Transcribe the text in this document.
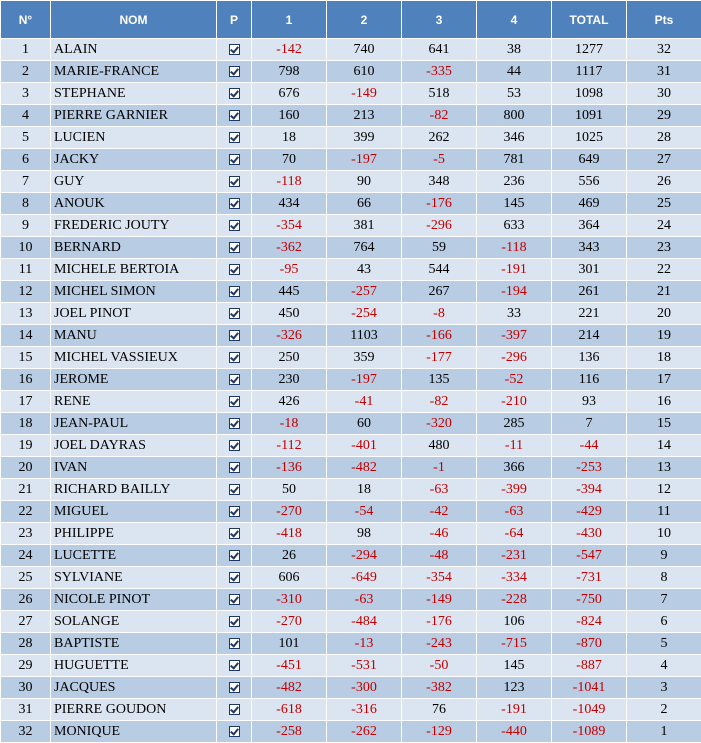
N°	NOM	P	1	2	3	4	TOTAL	Pts
1	ALAIN		-142	740	641	38	1277	32
2	MARIE-FRANCE		798	610	-335	44	1117	31
3	STEPHANE		676	-149	518	53	1098	30
4	PIERRE GARNIER		160	213	-82	800	1091	29
5	LUCIEN		18	399	262	346	1025	28
6	JACKY		70	-197	-5	781	649	27
7	GUY		-118	90	348	236	556	26
8	ANOUK		434	66	-176	145	469	25
9	FREDERIC JOUTY		-354	381	-296	633	364	24
10	BERNARD		-362	764	59	-118	343	23
11	MICHELE BERTOIA		-95	43	544	-191	301	22
12	MICHEL SIMON		445	-257	267	-194	261	21
13	JOEL PINOT		450	-254	-8	33	221	20
14	MANU		-326	1103	-166	-397	214	19
15	MICHEL VASSIEUX		250	359	-177	-296	136	18
16	JEROME		230	-197	135	-52	116	17
17	RENE		426	-41	-82	-210	93	16
18	JEAN-PAUL		-18	60	-320	285	7	15
19	JOEL DAYRAS		-112	-401	480	-11	-44	14
20	IVAN		-136	-482	-1	366	-253	13
21	RICHARD BAILLY		50	18	-63	-399	-394	12
22	MIGUEL		-270	-54	-42	-63	-429	11
23	PHILIPPE		-418	98	-46	-64	-430	10
24	LUCETTE		26	-294	-48	-231	-547	9
25	SYLVIANE		606	-649	-354	-334	-731	8
26	NICOLE PINOT		-310	-63	-149	-228	-750	7
27	SOLANGE		-270	-484	-176	106	-824	6
28	BAPTISTE		101	-13	-243	-715	-870	5
29	HUGUETTE		-451	-531	-50	145	-887	4
30	JACQUES		-482	-300	-382	123	-1041	3
31	PIERRE GOUDON		-618	-316	76	-191	-1049	2
32	MONIQUE		-258	-262	-129	-440	-1089	1
